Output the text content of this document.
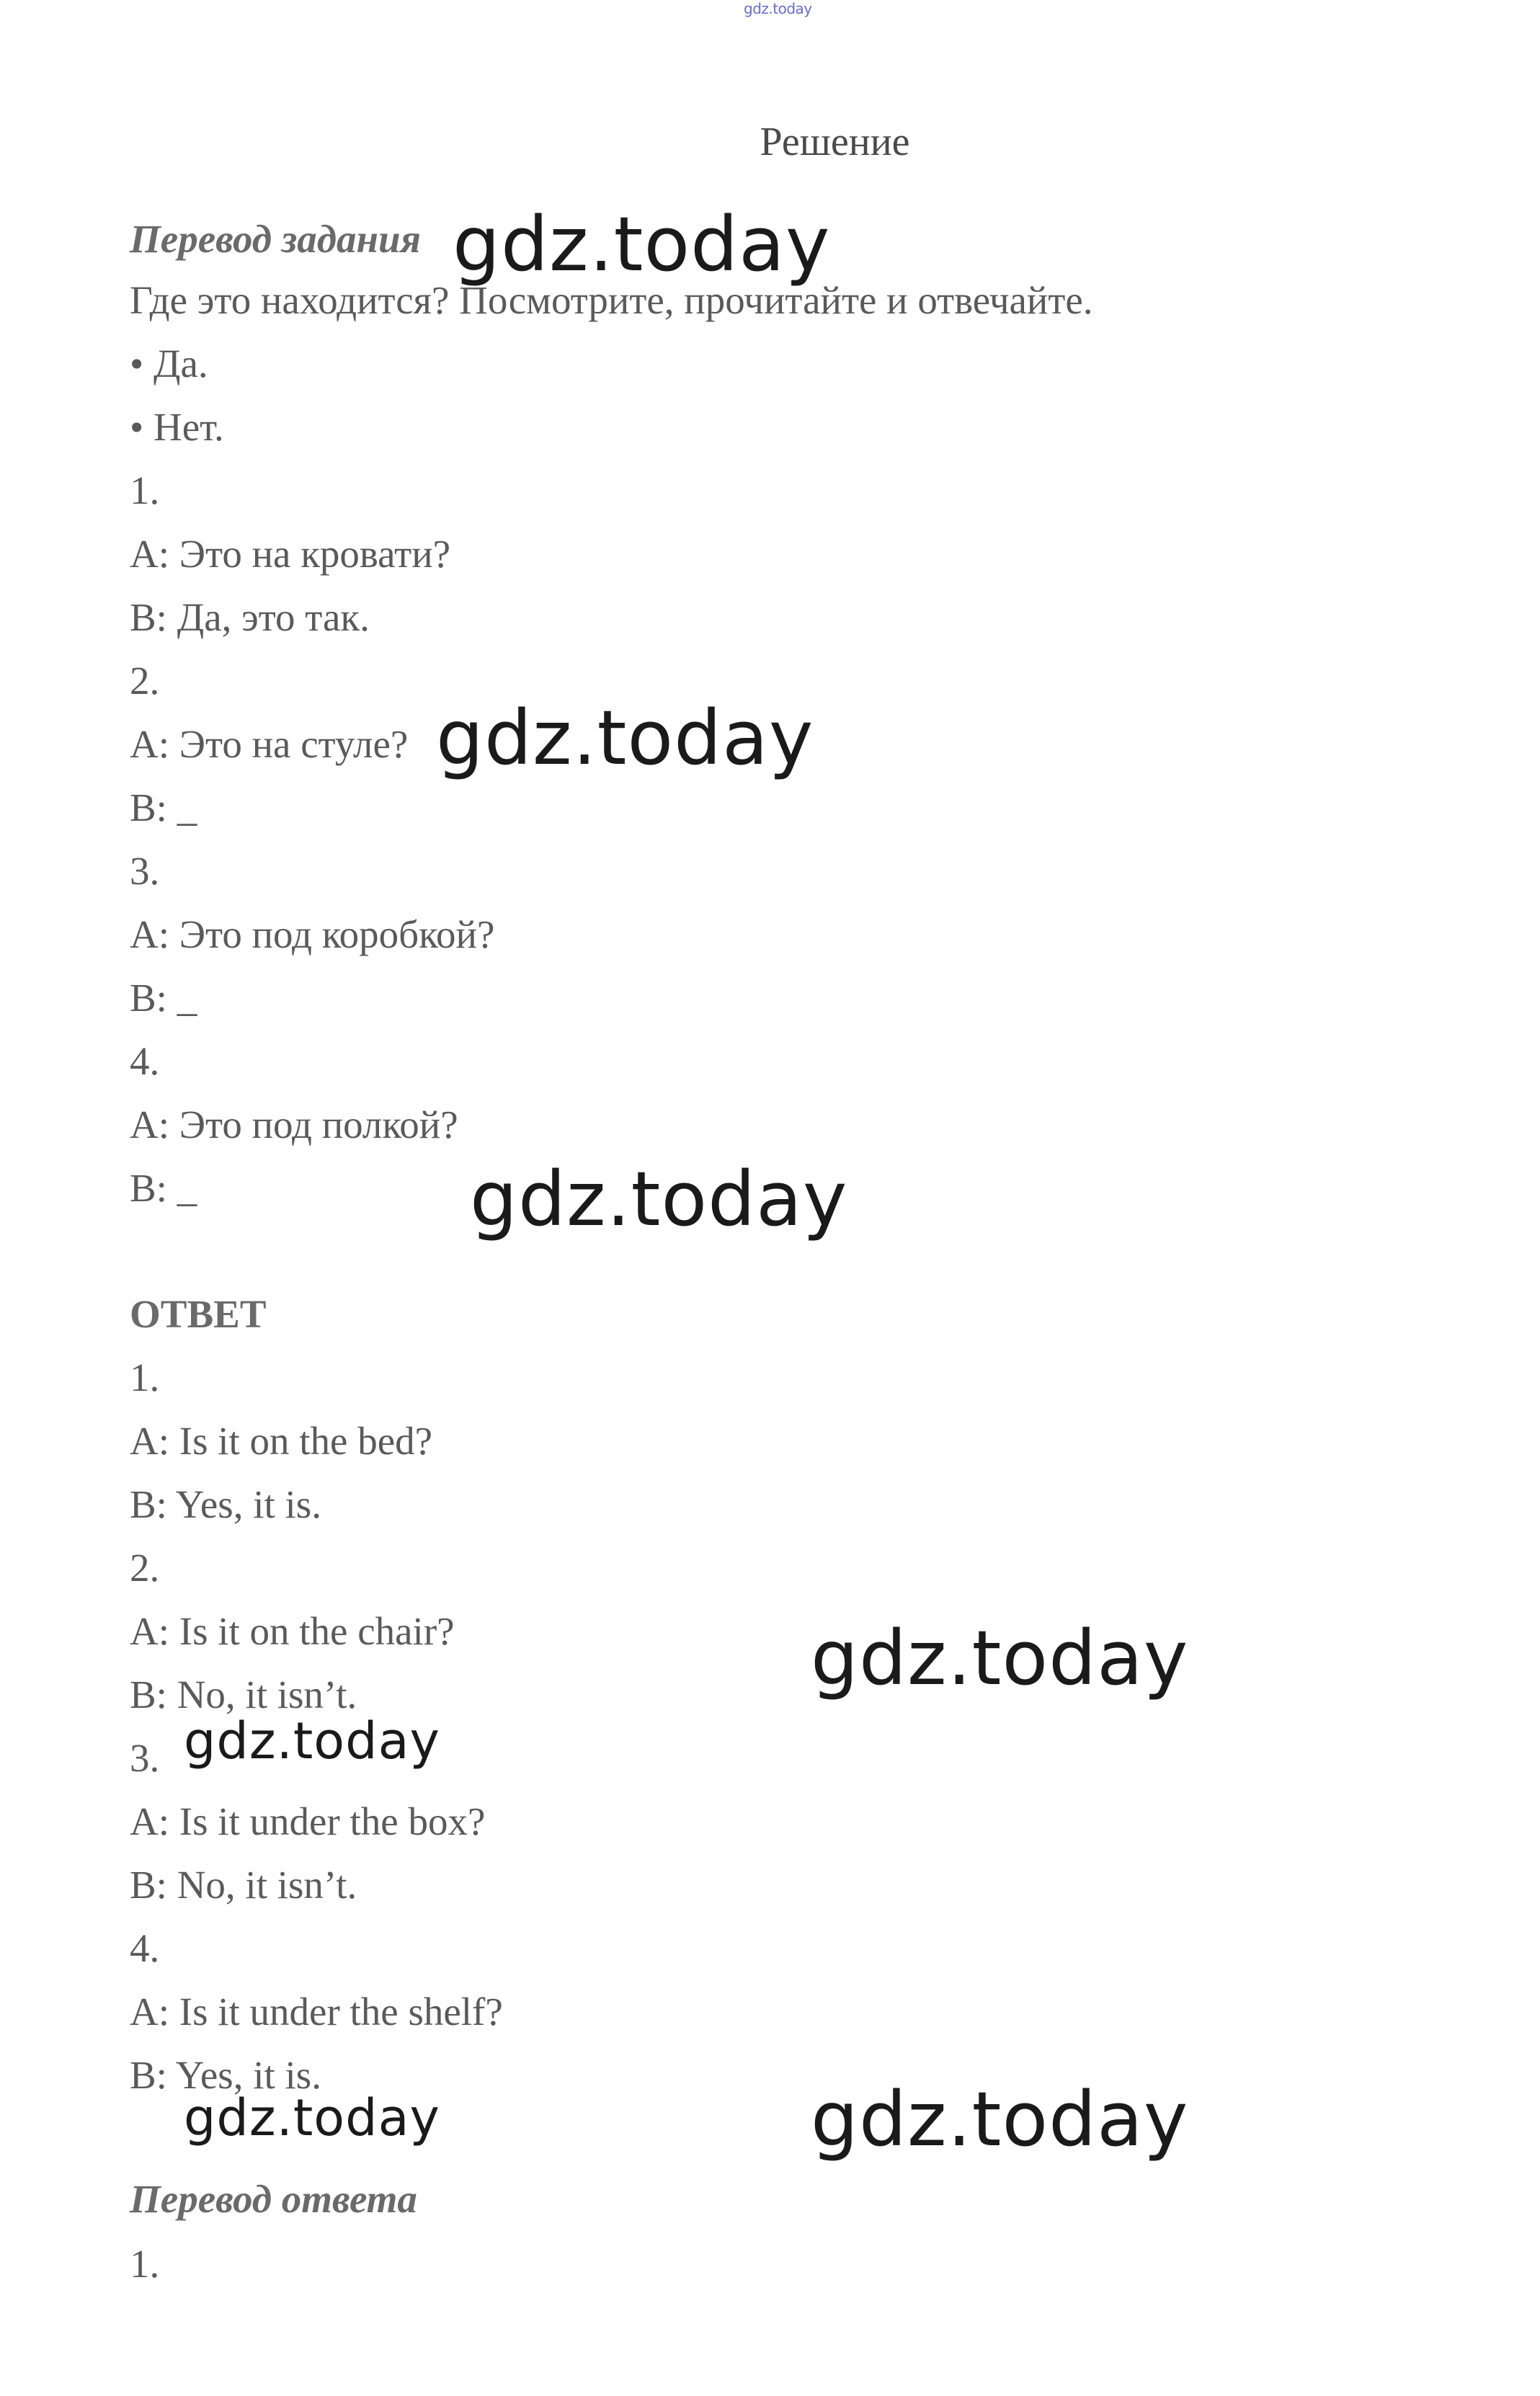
gdz.today
Решение
Перевод задания
Где это находится? Посмотрите, прочитайте и отвечайте.
• Да.
• Нет.
1.
A: Это на кровати?
B: Да, это так.
2.
A: Это на стуле?
B: _
3.
A: Это под коробкой?
B: _
4.
A: Это под полкой?
B: _
ОТВЕТ
1.
A: Is it on the bed?
B: Yes, it is.
2.
A: Is it on the chair?
B: No, it isn’t.
3.
A: Is it under the box?
B: No, it isn’t.
4.
A: Is it under the shelf?
B: Yes, it is.
Перевод ответа
1.
gdz.today
gdz.today
gdz.today
gdz.today
gdz.today
gdz.today	gdz.today
